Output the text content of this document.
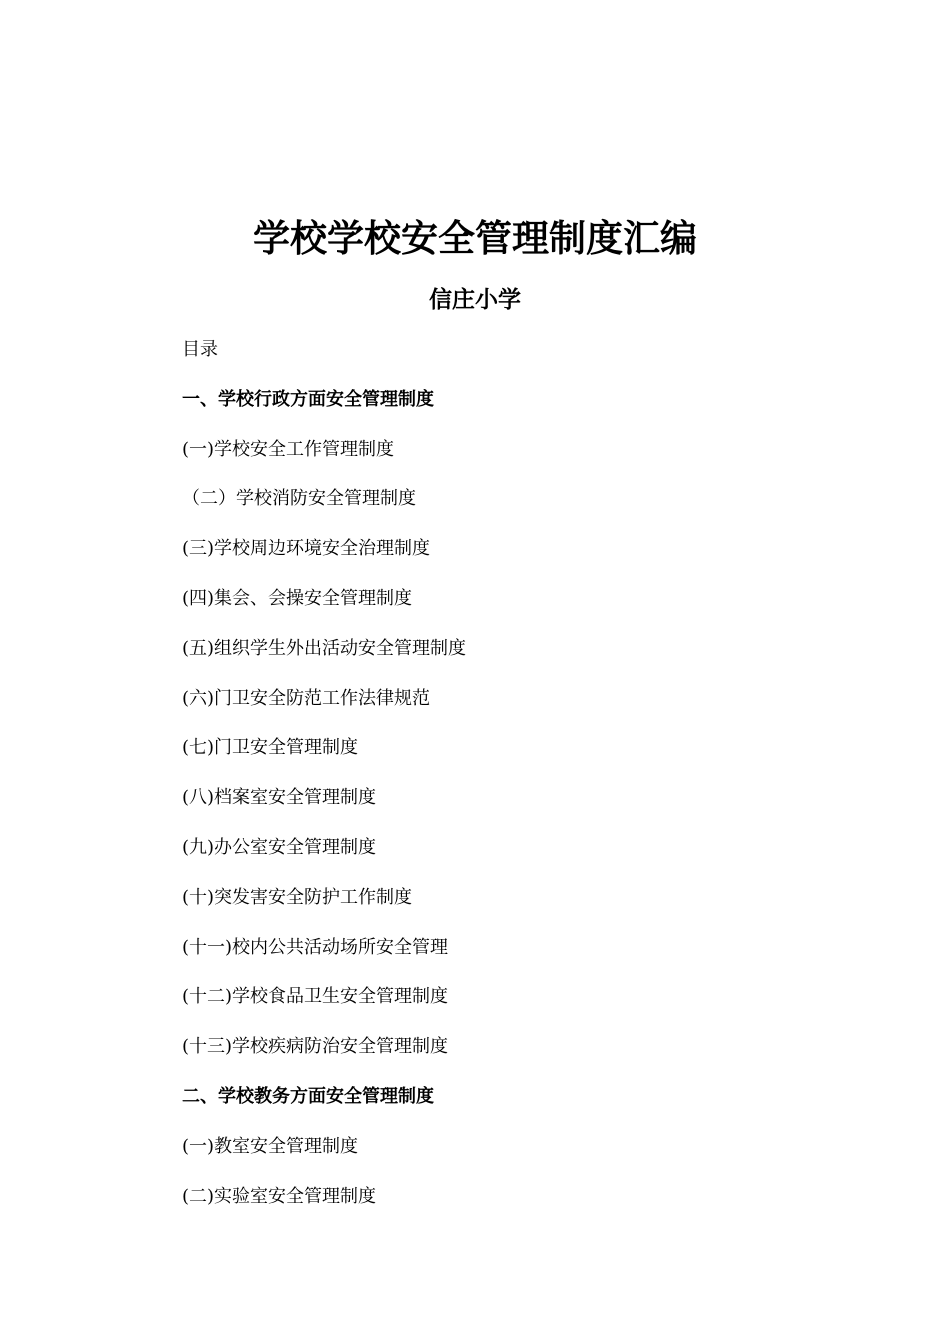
学校学校安全管理制度汇编
信庄小学
目录
一、学校行政方面安全管理制度
(一)学校安全工作管理制度
（二）学校消防安全管理制度
(三)学校周边环境安全治理制度
(四)集会、会操安全管理制度
(五)组织学生外出活动安全管理制度
(六)门卫安全防范工作法律规范
(七)门卫安全管理制度
(八)档案室安全管理制度
(九)办公室安全管理制度
(十)突发害安全防护工作制度
(十一)校内公共活动场所安全管理
(十二)学校食品卫生安全管理制度
(十三)学校疾病防治安全管理制度
二、学校教务方面安全管理制度
(一)教室安全管理制度
(二)实验室安全管理制度
